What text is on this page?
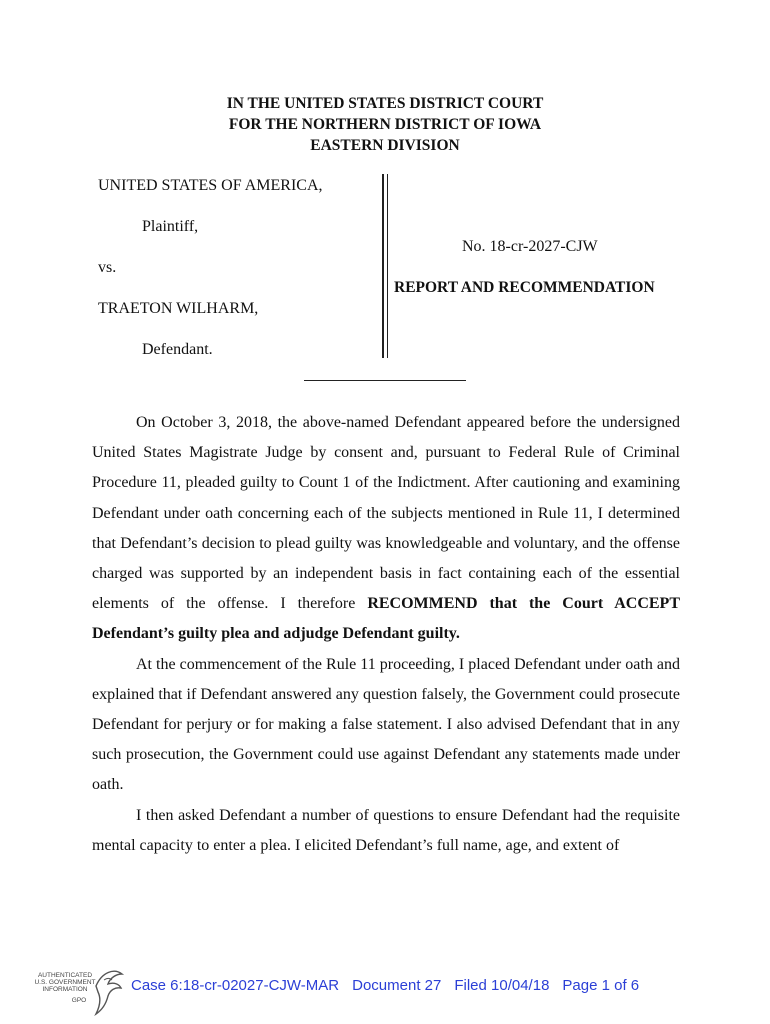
IN THE UNITED STATES DISTRICT COURT
FOR THE NORTHERN DISTRICT OF IOWA
EASTERN DIVISION
UNITED STATES OF AMERICA,
Plaintiff,
vs.
TRAETON WILHARM,
Defendant.
No. 18-cr-2027-CJW
REPORT AND RECOMMENDATION

On October 3, 2018, the above-named Defendant appeared before the undersigned United States Magistrate Judge by consent and, pursuant to Federal Rule of Criminal Procedure 11, pleaded guilty to Count 1 of the Indictment. After cautioning and examining Defendant under oath concerning each of the subjects mentioned in Rule 11, I determined that Defendant’s decision to plead guilty was knowledgeable and voluntary, and the offense charged was supported by an independent basis in fact containing each of the essential elements of the offense. I therefore RECOMMEND that the Court ACCEPT Defendant’s guilty plea and adjudge Defendant guilty.

At the commencement of the Rule 11 proceeding, I placed Defendant under oath and explained that if Defendant answered any question falsely, the Government could prosecute Defendant for perjury or for making a false statement. I also advised Defendant that in any such prosecution, the Government could use against Defendant any statements made under oath.

I then asked Defendant a number of questions to ensure Defendant had the requisite mental capacity to enter a plea. I elicited Defendant’s full name, age, and extent of

AUTHENTICATED
U.S. GOVERNMENT
INFORMATION
GPO
Case 6:18-cr-02027-CJW-MAR Document 27 Filed 10/04/18 Page 1 of 6
